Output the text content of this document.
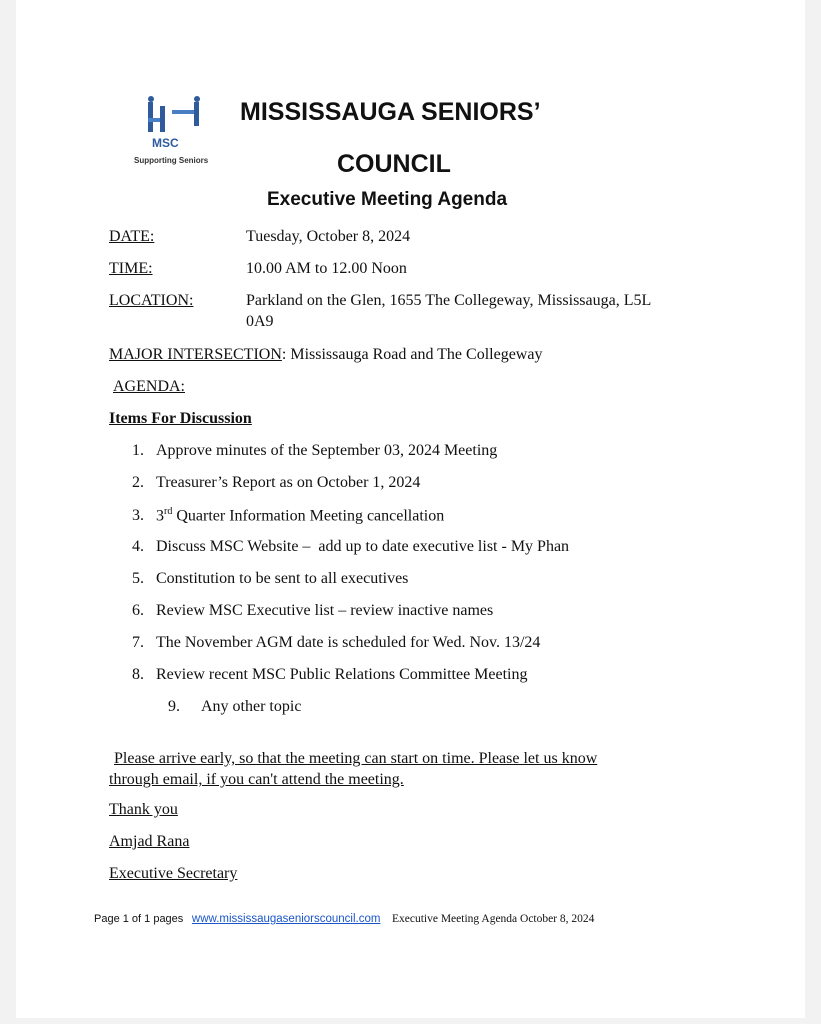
MSC
Supporting Seniors
MISSISSAUGA SENIORS’
COUNCIL
Executive Meeting Agenda
DATE:	Tuesday, October 8, 2024
TIME:	10.00 AM to 12.00 Noon
LOCATION:	Parkland on the Glen, 1655 The Collegeway, Mississauga, L5L
0A9
MAJOR INTERSECTION: Mississauga Road and The Collegeway
AGENDA:
Items For Discussion
1. Approve minutes of the September 03, 2024 Meeting
2. Treasurer’s Report as on October 1, 2024
3. 3rd Quarter Information Meeting cancellation
4. Discuss MSC Website –  add up to date executive list - My Phan
5. Constitution to be sent to all executives
6. Review MSC Executive list – review inactive names
7. The November AGM date is scheduled for Wed. Nov. 13/24
8. Review recent MSC Public Relations Committee Meeting
9. Any other topic
Please arrive early, so that the meeting can start on time. Please let us know
through email, if you can't attend the meeting.
Thank you
Amjad Rana
Executive Secretary
Page 1 of 1 pages www.mississaugaseniorscouncil.com Executive Meeting Agenda October 8, 2024
